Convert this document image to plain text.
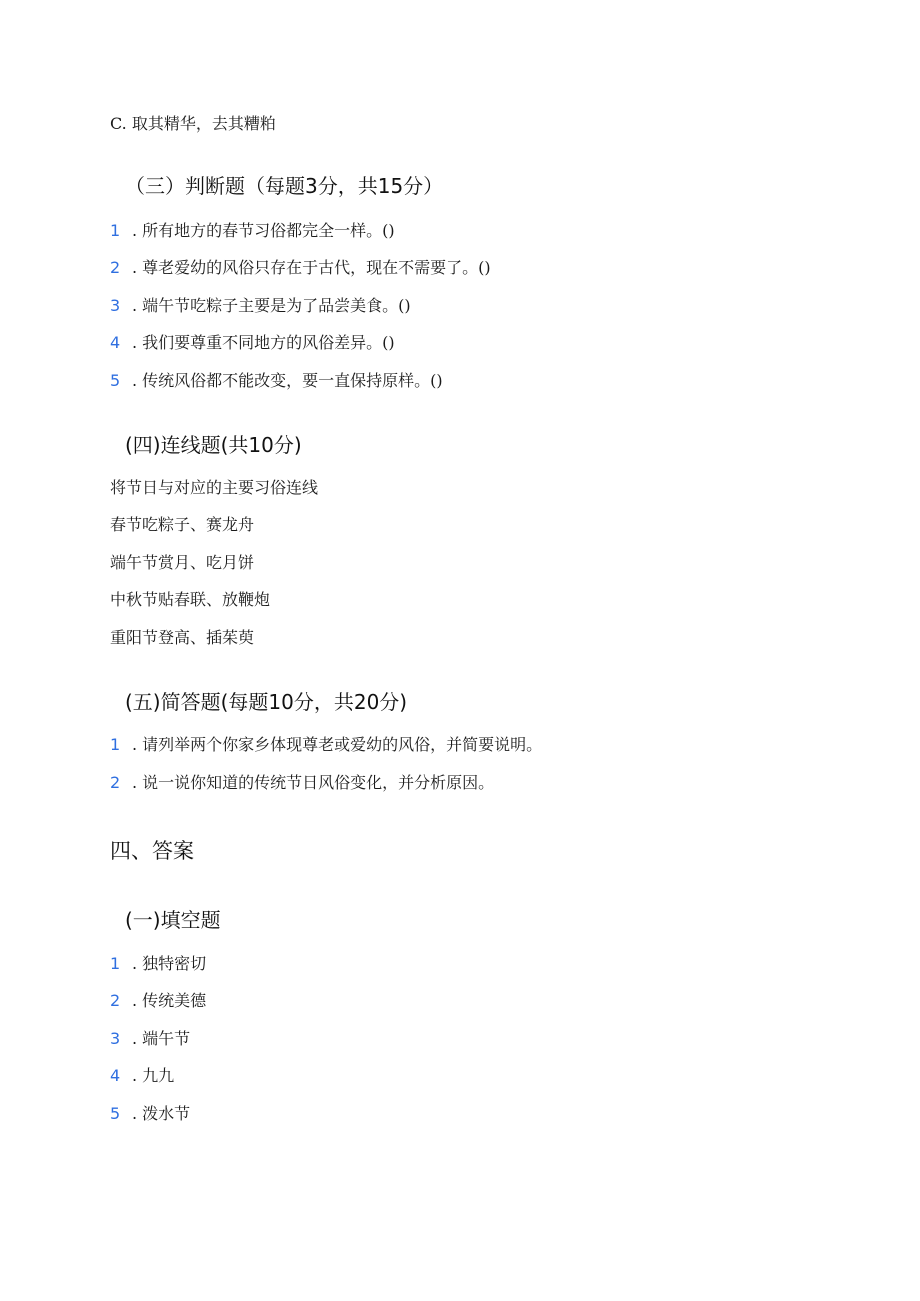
C. 取其精华，去其糟粕
（三）判断题（每题3分，共15分）
1 . 所有地方的春节习俗都完全一样。()
2 . 尊老爱幼的风俗只存在于古代，现在不需要了。()
3 . 端午节吃粽子主要是为了品尝美食。()
4 . 我们要尊重不同地方的风俗差异。()
5 . 传统风俗都不能改变，要一直保持原样。()
(四)连线题(共10分)
将节日与对应的主要习俗连线
春节吃粽子、赛龙舟
端午节赏月、吃月饼
中秋节贴春联、放鞭炮
重阳节登高、插茱萸
(五)简答题(每题10分，共20分)
1 . 请列举两个你家乡体现尊老或爱幼的风俗，并简要说明。
2 . 说一说你知道的传统节日风俗变化，并分析原因。
四、答案
(一)填空题
1 . 独特密切
2 . 传统美德
3 . 端午节
4 . 九九
5 . 泼水节
